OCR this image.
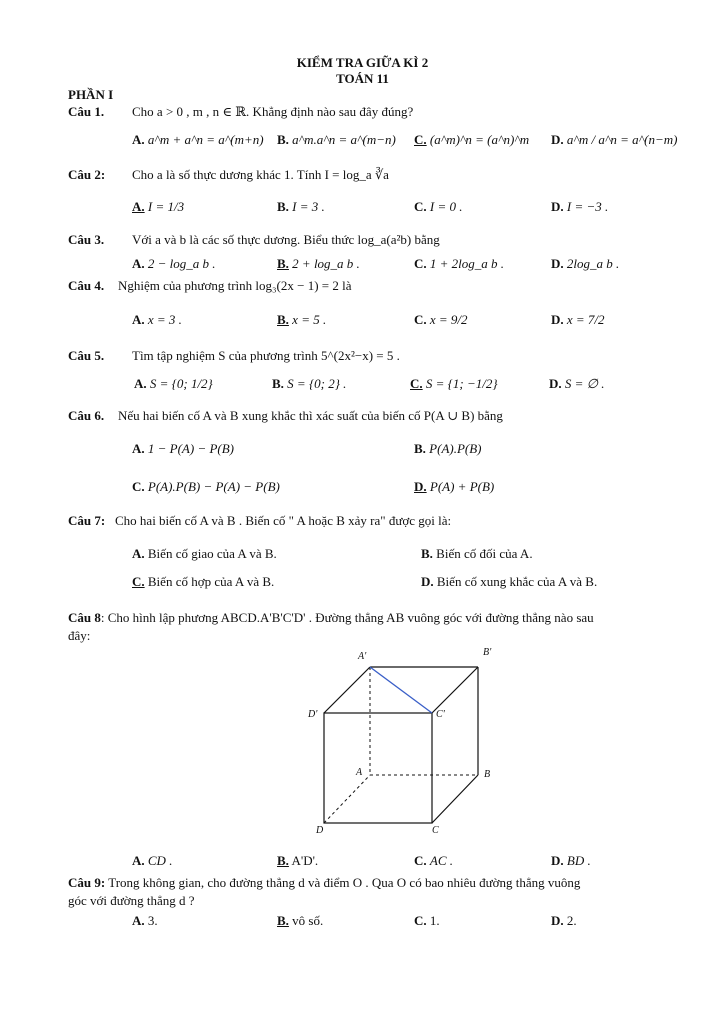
KIỂM TRA GIỮA KÌ 2
TOÁN 11
PHẦN I
Câu 1. Cho a > 0 , m , n ∈ ℝ. Khẳng định nào sau đây đúng?
A. a^m + a^n = a^(m+n) B. a^m.a^n = a^(m−n) C. (a^m)^n = (a^n)^m D. a^m / a^n = a^(n−m)
Câu 2: Cho a là số thực dương khác 1. Tính I = log_a ∛a
A. I = 1/3	B. I = 3 .	C. I = 0 .	D. I = −3 .
Câu 3. Với a và b là các số thực dương. Biểu thức log_a(a²b) bằng
A. 2 − log_a b .	B. 2 + log_a b .	C. 1 + 2log_a b .	D. 2log_a b .
Câu 4. Nghiệm của phương trình log₃(2x − 1) = 2 là
A. x = 3 .	B. x = 5 .	C. x = 9/2	D. x = 7/2
Câu 5. Tìm tập nghiệm S của phương trình 5^(2x²−x) = 5 .
A. S = {0; 1/2}	B. S = {0; 2} .	C. S = {1; −1/2}	D. S = ∅ .
Câu 6. Nếu hai biến cố A và B xung khắc thì xác suất của biến cố P(A ∪ B) bằng
A. 1 − P(A) − P(B)	B. P(A).P(B)
C. P(A).P(B) − P(A) − P(B)	D. P(A) + P(B)
Câu 7: Cho hai biến cố A và B . Biến cố " A hoặc B xảy ra" được gọi là:
A. Biến cố giao của A và B.	B. Biến cố đối của A.
C. Biến cố hợp của A và B.	D. Biến cố xung khắc của A và B.
Câu 8: Cho hình lập phương ABCD.A'B'C'D' . Đường thẳng AB vuông góc với đường thẳng nào sau
đây:
A'	B'
D'	C'
A	B
D	C
A. CD .	B. A'D'.	C. AC .	D. BD .
Câu 9: Trong không gian, cho đường thẳng d và điểm O . Qua O có bao nhiêu đường thẳng vuông
góc với đường thẳng d ?
A. 3.	B. vô số.	C. 1.	D. 2.
